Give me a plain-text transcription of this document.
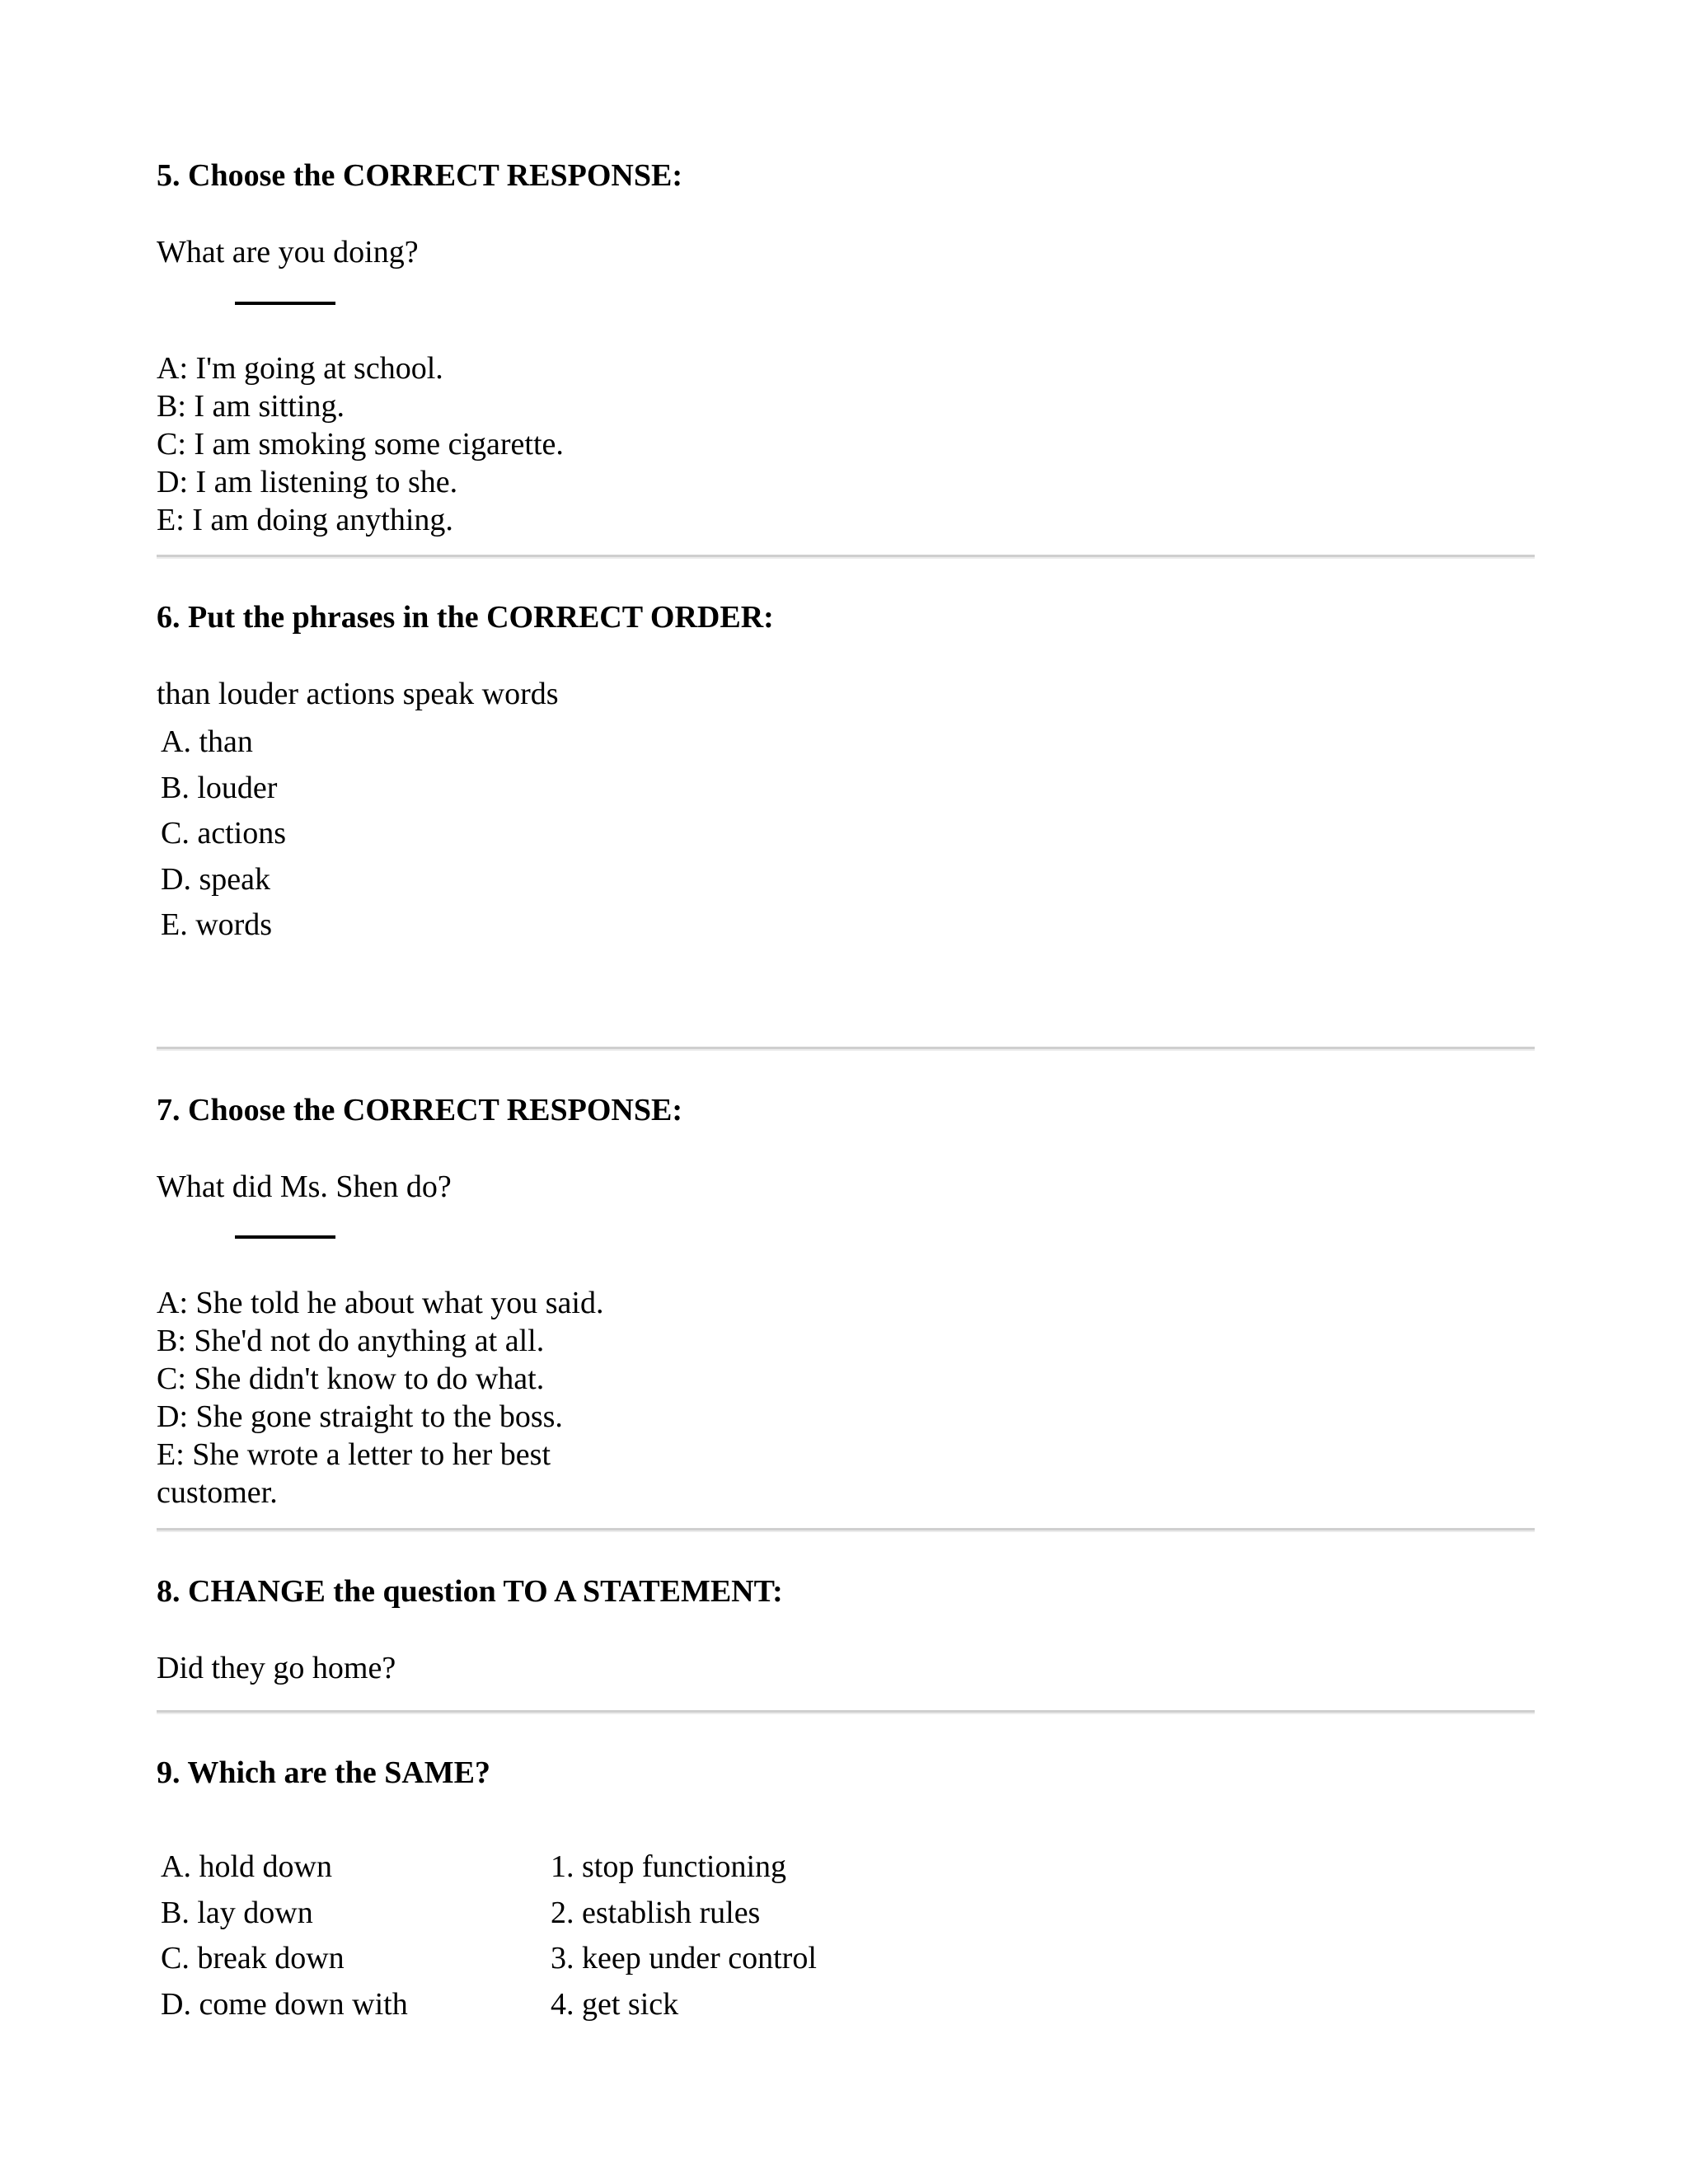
5. Choose the CORRECT RESPONSE:
What are you doing?
A: I'm going at school.
B: I am sitting.
C: I am smoking some cigarette.
D: I am listening to she.
E: I am doing anything.
6. Put the phrases in the CORRECT ORDER:
than louder actions speak words
A. than
B. louder
C. actions
D. speak
E. words
7. Choose the CORRECT RESPONSE:
What did Ms. Shen do?
A: She told he about what you said.
B: She'd not do anything at all.
C: She didn't know to do what.
D: She gone straight to the boss.
E: She wrote a letter to her best
customer.
8. CHANGE the question TO A STATEMENT:
Did they go home?
9. Which are the SAME?
A. hold down
B. lay down
C. break down
D. come down with
1. stop functioning
2. establish rules
3. keep under control
4. get sick
